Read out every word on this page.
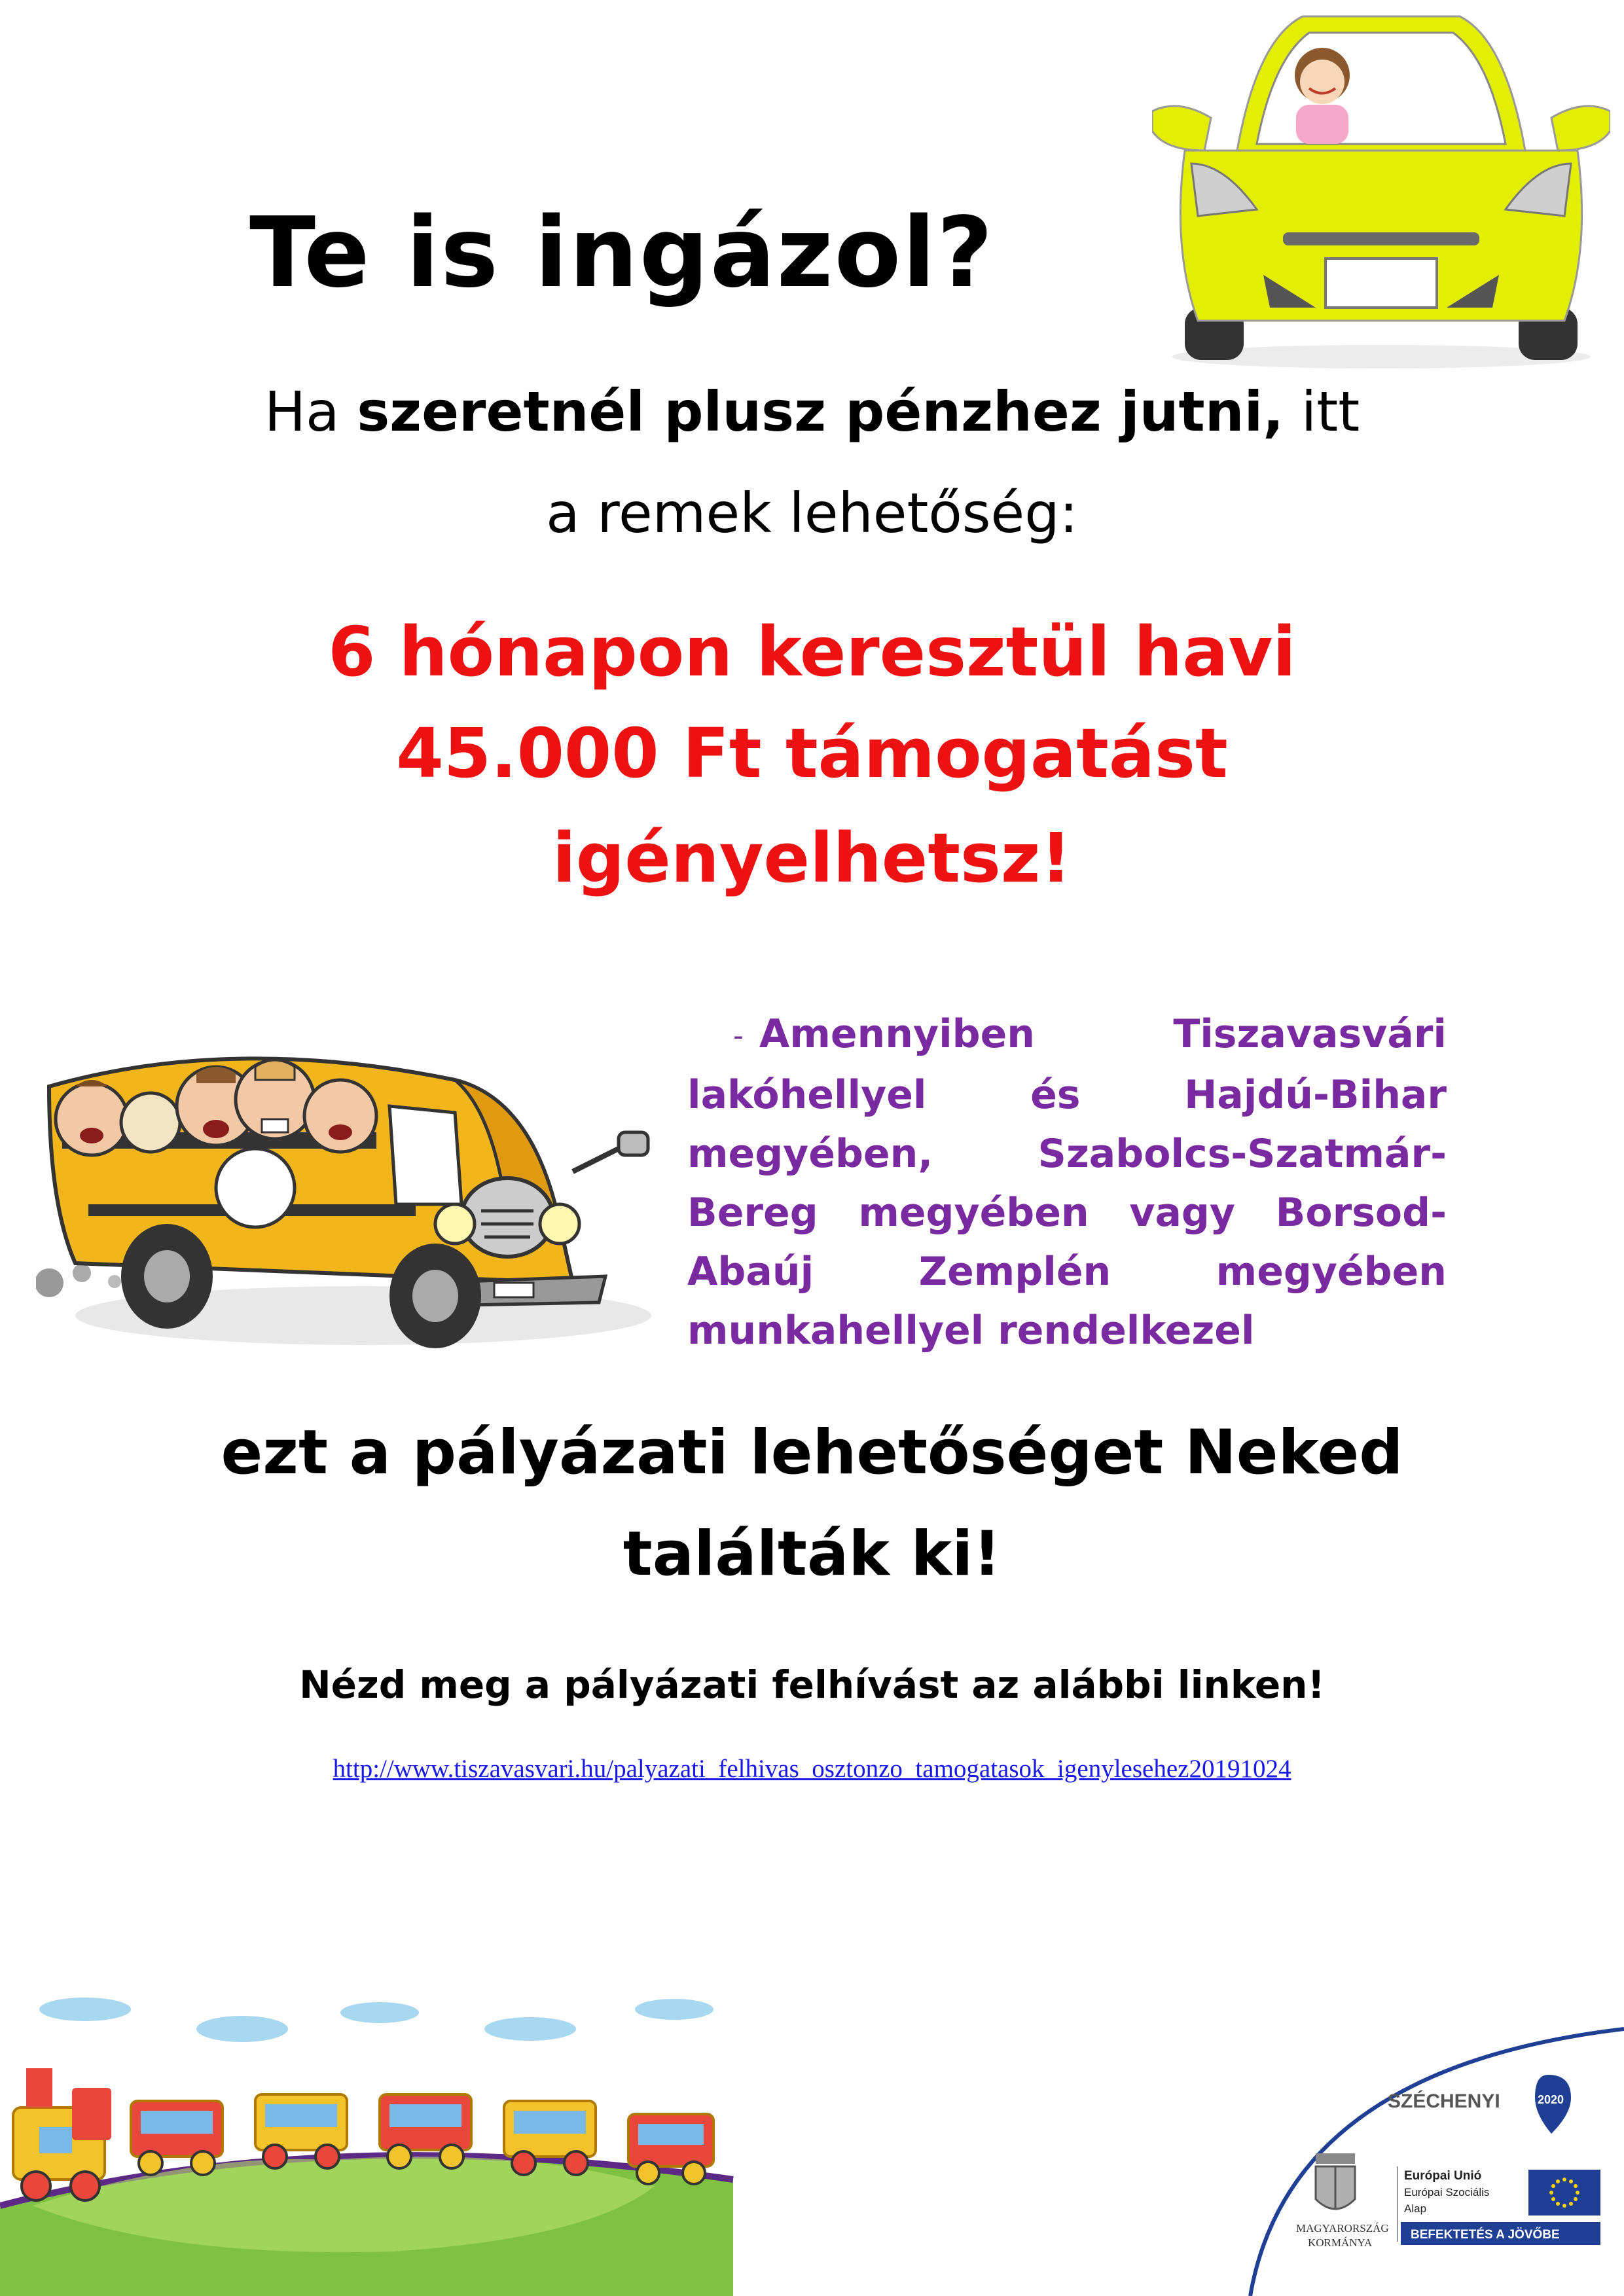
Te is ingázol?
Ha szeretnél plusz pénzhez jutni, itt
a remek lehetőség:
6 hónapon keresztül havi
45.000 Ft támogatást
igényelhetsz!
- Amennyiben Tiszavasvári lakóhellyel és Hajdú-Bihar megyében, Szabolcs-Szatmár-Bereg megyében vagy Borsod-Abaúj Zemplén megyében munkahellyel rendelkezel
ezt a pályázati lehetőséget Neked
találták ki!
Nézd meg a pályázati felhívást az alábbi linken!
http://www.tiszavasvari.hu/palyazati_felhivas_osztonzo_tamogatasok_igenylesehez20191024
SZÉCHENYI	2020
MAGYARORSZÁG
KORMÁNYA
Európai Unió
Európai Szociális
Alap
BEFEKTETÉS A JÖVŐBE
